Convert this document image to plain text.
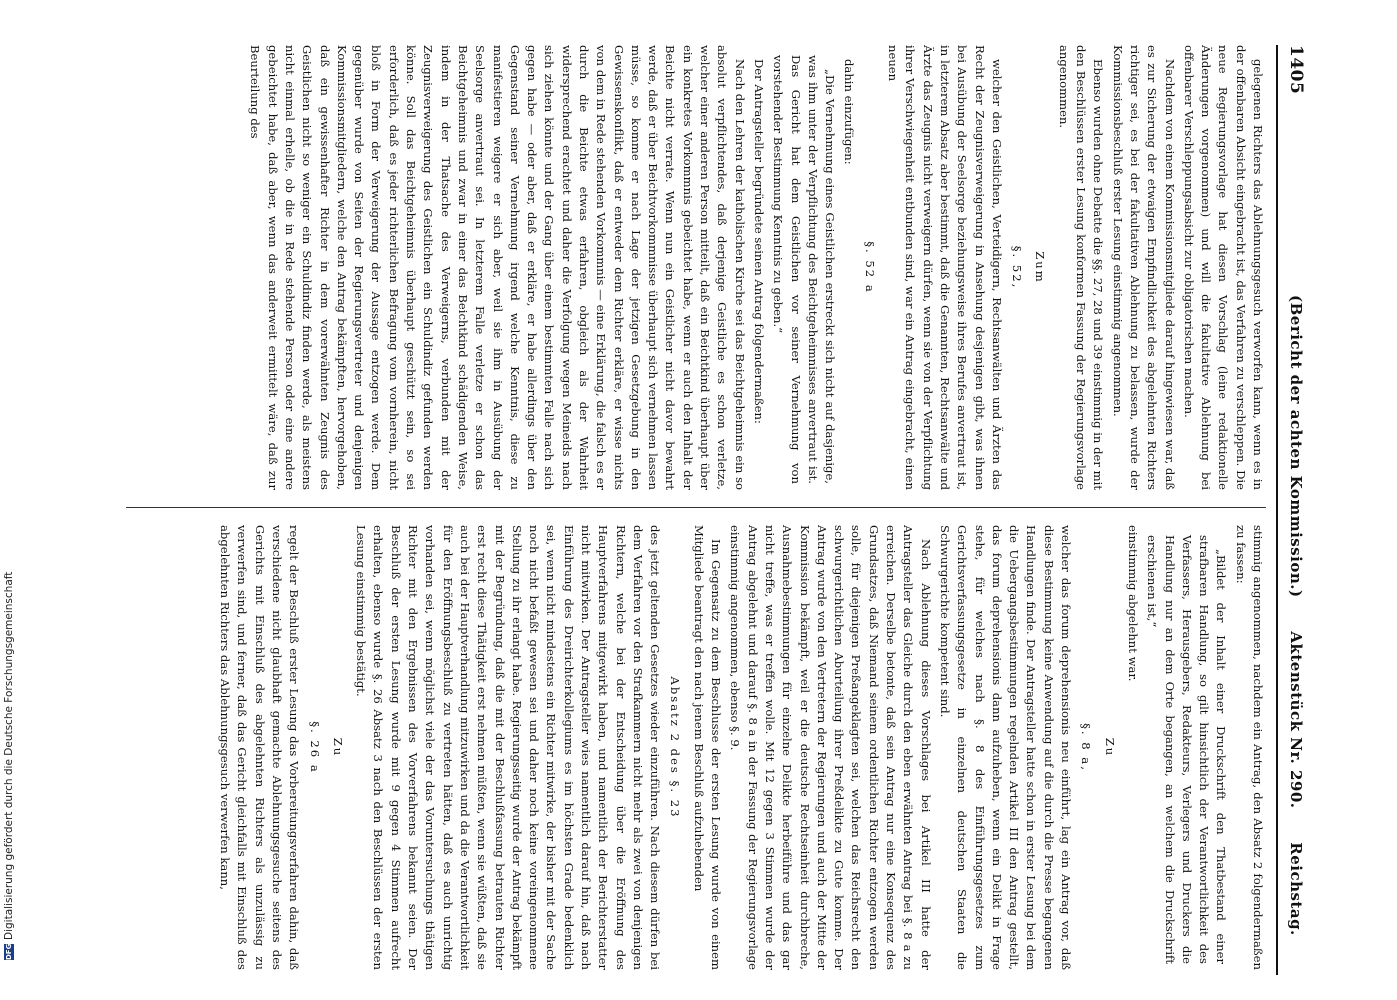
1405
(Bericht der achten Kommission.) Aktenstück Nr. 290. Reichstag.

gelegenen Richters das Ablehnungsgesuch verworfen kann, wenn es in der offenbaren Absicht eingebracht ist, das Verfahren zu verschleppen. Die neue Regierungsvorlage hat diesen Vorschlag (leine redaktionelle Änderungen vorgenommen) und will die fakultative Ablehnung bei offenbarer Verschleppungsabsicht zur obligatorischen machen.

Nachdem von einem Kommissionsmitgliede darauf hingewiesen war, daß es zur Sicherung der etwaigen Empfindlichkeit des abgelehnten Richters richtiger sei, es bei der fakultativen Ablehnung zu belassen, wurde der Kommissionsbeschluß erster Lesung einstimmig angenommen.

Ebenso wurden ohne Debatte die §§. 27, 28 und 39 einstimmig in der mit den Beschlüssen erster Lesung konformen Fassung der Regierungsvorlage angenommen.

Zum

§. 52,

welcher den Geistlichen, Verteidigern, Rechtsanwälten und Ärzten das Recht der Zeugnisverweigerung in Ansehung desjenigen gibt, was ihnen bei Ausübung der Seelsorge beziehungsweise ihres Berufes anvertraut ist, in letzterem Absatz aber bestimmt, daß die Genannten, Rechtsanwälte und Ärzte das Zeugnis nicht verweigern dürfen, wenn sie von der Verpflichtung ihrer Verschwiegenheit entbunden sind, war ein Antrag eingebracht, einen neuen

§. 52 a

dahin einzufügen:

„Die Vernehmung eines Geistlichen erstreckt sich nicht auf dasjenige, was ihm unter der Verpflichtung des Beichtgeheimnisses anvertraut ist. Das Gericht hat dem Geistlichen vor seiner Vernehmung von vorstehender Bestimmung Kenntnis zu geben.“

Der Antragsteller begründete seinen Antrag folgendermaßen:

Nach den Lehren der katholischen Kirche sei das Beichtgeheimnis ein so absolut verpflichtendes, daß derjenige Geistliche es schon verletze, welcher einer anderen Person mitteilt, daß ein Beichtkind überhaupt über ein konkretes Vorkommnis gebeichtet habe, wenn er auch den Inhalt der Beichte nicht verrate. Wenn nun ein Geistlicher nicht davor bewahrt werde, daß er über Beichtvorkommnisse überhaupt sich vernehmen lassen müsse, so komme er nach Lage der jetzigen Gesetzgebung in den Gewissenskonflikt, daß er entweder dem Richter erkläre, er wisse nichts von dem in Rede stehenden Vorkommnis — eine Erklärung, die falsch es er durch die Beichte etwas erfahren, obgleich als der Wahrheit widersprechend erachtet und daher die Verfolgung wegen Meineids nach sich ziehen könnte und der Gang über einem bestimmten Falle nach sich gegen habe — oder aber, daß er erkläre, er habe allerdings über den Gegenstand seiner Vernehmung irgend welche Kenntnis, diese zu manifestieren weigere er sich aber, weil sie ihm in Ausübung der Seelsorge anvertraut sei. In letzterem Falle verletze er schon das Beichtgeheimnis und zwar in einer das Beichtkind schädigenden Weise, indem in der Thatsache des Verweigerns, verbunden mit der Zeugnisverweigerung des Geistlichen ein Schuldindiz gefunden werden könne. Soll das Beichtgeheimnis überhaupt geschützt sein, so sei erforderlich, daß es jeder richterlichen Befragung vom vornherein, nicht bloß in Form der Verweigerung der Aussage entzogen werde. Dem gegenüber wurde von Seiten der Regierungsvertreter und denjenigen Kommissionsmitgliedern, welche den Antrag bekämpften, hervorgehoben, daß ein gewissenhafter Richter in dem vorerwähnten Zeugnis des Geistlichen nicht so weniger ein Schuldindiz finden werde, als meistens nicht einmal erhelle, ob die in Rede stehende Person oder eine andere gebeichtet habe, daß aber, wenn das anderweit ermittelt wäre, daß zur Beurteilung des

stimmig angenommen, nachdem ein Antrag, den Absatz 2 folgendermaßen zu fassen:

„Bildet der Inhalt einer Druckschrift den Thatbestand einer strafbaren Handlung, so gilt hinsichtlich der Verantwortlichkeit des Verfassers, Herausgebers, Redakteurs, Verlegers und Druckers die Handlung nur an dem Orte begangen, an welchem die Druckschrift erschienen ist,“

einstimmig abgelehnt war.

Zu

§. 8 a,

welcher das forum deprehensionis neu einführt, lag ein Antrag vor, daß diese Bestimmung keine Anwendung auf die durch die Presse begangenen Handlungen finde. Der Antragsteller hatte schon in erster Lesung bei dem die Uebergangsbestimmungen regelnden Artikel III den Antrag gestellt, das forum deprehensionis dann aufzuheben, wenn ein Delikt in Frage stehe, für welches nach §. 8 des Einführungsgesetzes zum Gerichtsverfassungsgesetze in einzelnen deutschen Staaten die Schwurgerichte kompetent sind.

Nach Ablehnung dieses Vorschlages bei Artikel III hatte der Antragsteller das Gleiche durch den eben erwähnten Antrag bei §. 8 a zu erreichen. Derselbe betonte, daß sein Antrag nur eine Konsequenz des Grundsatzes, daß Niemand seinem ordentlichen Richter entzogen werden solle, für diejenigen Preßangeklagten sei, welchen das Reichsrecht den schwurgerichtlichen Aburteilung ihrer Preßdelikte zu Gute komme. Der Antrag wurde von den Vertretern der Regierungen und auch der Mitte der Kommission bekämpft, weil er die deutsche Rechtseinheit durchbreche, Ausnahmebestimmungen für einzelne Delikte herbeiführe und das gar nicht treffe, was er treffen wolle. Mit 12 gegen 3 Stimmen wurde der Antrag abgelehnt und darauf §. 8 a in der Fassung der Regierungsvorlage einstimmig angenommen, ebenso §. 9.

Im Gegensatz zu dem Beschlusse der ersten Lesung wurde von einem Mitgliede beantragt den nach jenem Beschluß aufzuhebenden

Absatz 2 des §. 23

des jetzt geltenden Gesetzes wieder einzuführen. Nach diesem dürfen bei dem Verfahren vor den Strafkammern nicht mehr als zwei von denjenigen Richtern, welche bei der Entscheidung über die Eröffnung des Hauptverfahrens mitgewirkt haben, und namentlich der Berichterstatter nicht mitwirken. Der Antragsteller wies namentlich darauf hin, daß nach Einführung des Dreirichterkollegiums es im höchsten Grade bedenklich sei, wenn nicht mindestens ein Richter mitwirke, der bisher mit der Sache noch nicht befaßt gewesen sei und daher noch keine voreingenommene Stellung zu ihr erlangt habe. Regierungsseitig wurde der Antrag bekämpft mit der Begründung, daß die mit der Beschlußfassung betrauten Richter erst recht diese Thätigkeit erst nehmen müßten, wenn sie wüßten, daß sie auch bei der Hauptverhandlung mitzuwirken und da die Verantwortlichkeit für den Eröffnungsbeschluß zu vertreten hätten, daß es auch unrichtig vorhanden sei, wenn möglichst viele der das Voruntersuchungs thätigen Richter mit den Ergebnissen des Vorverfahrens bekannt seien. Der Beschluß der ersten Lesung wurde mit 9 gegen 4 Stimmen aufrecht erhalten, ebenso wurde §. 26 Absatz 3 nach den Beschlüssen der ersten Lesung einstimmig bestätigt.

Zu

§. 26 a

regelt der Beschluß erster Lesung das Vorbereitungsverfahren dahin, daß verschiedene nicht glaubhaft gemachte Ablehnungsgesuche seitens des Gerichts mit Einschluß des abgelehnten Richters als unzulässig zu verwerfen sind, und ferner, daß das Gericht gleichfalls mit Einschluß des abgelehnten Richters das Ablehnungsgesuch verwerfen kann,

DFG
Digitalisierung gefördert durch die Deutsche Forschungsgemeinschaft
